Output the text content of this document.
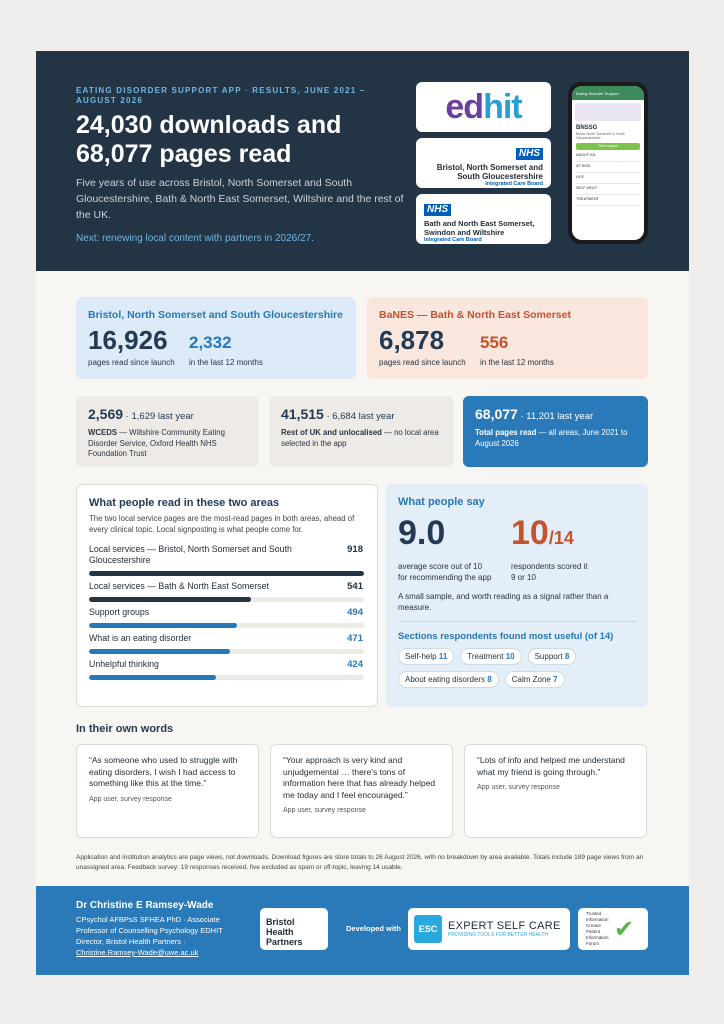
EATING DISORDER SUPPORT APP · RESULTS, JUNE 2021 – AUGUST 2026
24,030 downloads and 68,077 pages read
Five years of use across Bristol, North Somerset and South Gloucestershire, Bath & North East Somerset, Wiltshire and the rest of the UK.
Next: renewing local content with partners in 2026/27.
ed hit
NHS
Bristol, North Somerset and South Gloucestershire
Integrated Care Board
NHS
Bath and North East Somerset, Swindon and Wiltshire
Integrated Care Board
Eating Disorder Support
BNSSG
Bristol North Somerset & South Gloucestershire
Find support
ABOUT ED
AT RISK
LIFE
SELF-HELP
TREATMENT
Bristol, North Somerset and South Gloucestershire
16,926 2,332
pages read since launch in the last 12 months
BaNES — Bath & North East Somerset
6,878 556
pages read since launch in the last 12 months
2,569 · 1,629 last year
WCEDS — Wiltshire Community Eating Disorder Service, Oxford Health NHS Foundation Trust
41,515 · 6,684 last year
Rest of UK and unlocalised — no local area selected in the app
68,077 · 11,201 last year
Total pages read — all areas, June 2021 to August 2026
What people read in these two areas
The two local service pages are the most-read pages in both areas, ahead of every clinical topic. Local signposting is what people come for.
Local services — Bristol, North Somerset and South Gloucestershire
918
Local services — Bath & North East Somerset	541
Support groups	494
What is an eating disorder	471
Unhelpful thinking	424
What people say
9.0 10/14
average score out of 10
for recommending the app
respondents scored it
9 or 10
A small sample, and worth reading as a signal rather than a measure.
Sections respondents found most useful (of 14)
Self-help 11	Treatment 10	Support 8
About eating disorders 8	Calm Zone 7
In their own words
“As someone who used to struggle with eating disorders, I wish I had access to something like this at the time.”
App user, survey response
“Your approach is very kind and unjudgemental … there's tons of information here that has already helped me today and I feel encouraged.”
App user, survey response
“Lots of info and helped me understand what my friend is going through.”
App user, survey response
Application and institution analytics are page views, not downloads. Download figures are store totals to 26 August 2026, with no breakdown by area available. Totals include 189 page views from an unassigned area. Feedback survey: 19 responses received, five excluded as spam or off-topic, leaving 14 usable.
Dr Christine E Ramsey-Wade
CPsychol AFBPsS SFHEA PhD · Associate Professor of Counselling Psychology EDHIT Director, Bristol Health Partners ·
Christine.Ramsey-Wade@uwe.ac.uk
Bristol Health Partners
Developed with	ESC EXPERT SELF CARE
PROVIDING TOOLS FOR BETTER HEALTH
Trusted Information Creator
Patient Information Forum
✔
